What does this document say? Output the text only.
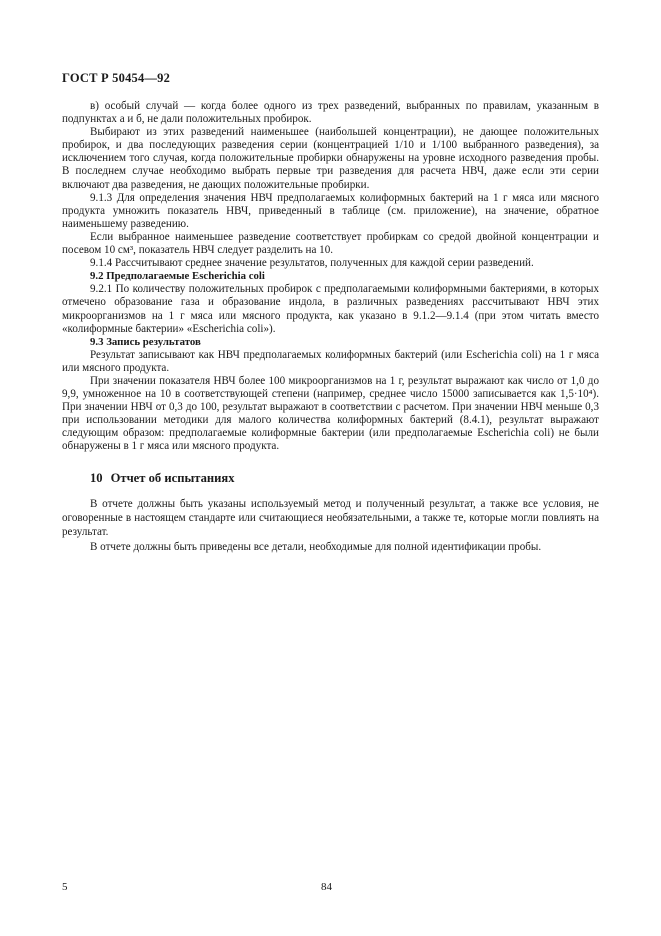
ГОСТ Р 50454—92

в) особый случай — когда более одного из трех разведений, выбранных по правилам, указанным в подпунктах а и б, не дали положительных пробирок.

Выбирают из этих разведений наименьшее (наибольшей концентрации), не дающее положительных пробирок, и два последующих разведения серии (концентрацией 1/10 и 1/100 выбранного разведения), за исключением того случая, когда положительные пробирки обнаружены на уровне исходного разведения пробы. В последнем случае необходимо выбрать первые три разведения для расчета НВЧ, даже если эти серии включают два разведения, не дающих положительные пробирки.

9.1.3 Для определения значения НВЧ предполагаемых колиформных бактерий на 1 г мяса или мясного продукта умножить показатель НВЧ, приведенный в таблице (см. приложение), на значение, обратное наименьшему разведению.

Если выбранное наименьшее разведение соответствует пробиркам со средой двойной концентрации и посевом 10 см³, показатель НВЧ следует разделить на 10.

9.1.4 Рассчитывают среднее значение результатов, полученных для каждой серии разведений.

9.2 Предполагаемые Escherichia coli

9.2.1 По количеству положительных пробирок с предполагаемыми колиформными бактериями, в которых отмечено образование газа и образование индола, в различных разведениях рассчитывают НВЧ этих микроорганизмов на 1 г мяса или мясного продукта, как указано в 9.1.2—9.1.4 (при этом читать вместо «колиформные бактерии» «Escherichia coli»).

9.3 Запись результатов

Результат записывают как НВЧ предполагаемых колиформных бактерий (или Escherichia coli) на 1 г мяса или мясного продукта.

При значении показателя НВЧ более 100 микроорганизмов на 1 г, результат выражают как число от 1,0 до 9,9, умноженное на 10 в соответствующей степени (например, среднее число 15000 записывается как 1,5·10⁴). При значении НВЧ от 0,3 до 100, результат выражают в соответствии с расчетом. При значении НВЧ меньше 0,3 при использовании методики для малого количества колиформных бактерий (8.4.1), результат выражают следующим образом: предполагаемые колиформные бактерии (или предполагаемые Escherichia coli) не были обнаружены в 1 г мяса или мясного продукта.

10 Отчет об испытаниях

В отчете должны быть указаны используемый метод и полученный результат, а также все условия, не оговоренные в настоящем стандарте или считающиеся необязательными, а также те, которые могли повлиять на результат.

В отчете должны быть приведены все детали, необходимые для полной идентификации пробы.

5	84
